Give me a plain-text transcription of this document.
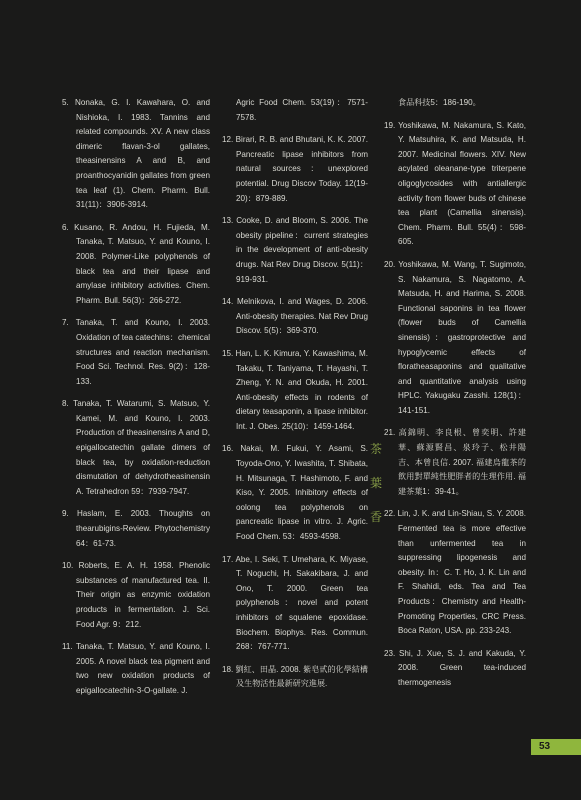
5. Nonaka, G. I. Kawahara, O. and Nishioka, I. 1983. Tannins and related compounds. XV. A new class dimeric flavan-3-ol gallates, theasinensins A and B, and proanthocyanidin gallates from green tea leaf (1). Chem. Pharm. Bull. 31(11)：3906-3914.

6. Kusano, R. Andou, H. Fujieda, M. Tanaka, T. Matsuo, Y. and Kouno, I. 2008. Polymer-Like polyphenols of black tea and their lipase and amylase inhibitory activities. Chem. Pharm. Bull. 56(3)：266-272.

7. Tanaka, T. and Kouno, I. 2003. Oxidation of tea catechins：chemical structures and reaction mechanism. Food Sci. Technol. Res. 9(2)：128-133.

8. Tanaka, T. Watarumi, S. Matsuo, Y. Kamei, M. and Kouno, I. 2003. Production of theasinensins A and D, epigallocatechin gallate dimers of black tea, by oxidation-reduction dismutation of dehydrotheasinensin A. Tetrahedron 59：7939-7947.

9. Haslam, E. 2003. Thoughts on thearubigins-Review. Phytochemistry 64：61-73.

10. Roberts, E. A. H. 1958. Phenolic substances of manufactured tea. II. Their origin as enzymic oxidation products in fermentation. J. Sci. Food Agr. 9：212.

11. Tanaka, T. Matsuo, Y. and Kouno, I. 2005. A novel black tea pigment and two new oxidation products of epigallocatechin-3-O-gallate. J.

Agric Food Chem. 53(19)：7571-7578.

12. Birari, R. B. and Bhutani, K. K. 2007. Pancreatic lipase inhibitors from natural sources：unexplored potential. Drug Discov Today. 12(19-20)：879-889.

13. Cooke, D. and Bloom, S. 2006. The obesity pipeline：current strategies in the development of anti-obesity drugs. Nat Rev Drug Discov. 5(11)：919-931.

14. Melnikova, I. and Wages, D. 2006. Anti-obesity therapies. Nat Rev Drug Discov. 5(5)：369-370.

15. Han, L. K. Kimura, Y. Kawashima, M. Takaku, T. Taniyama, T. Hayashi, T. Zheng, Y. N. and Okuda, H. 2001. Anti-obesity effects in rodents of dietary teasaponin, a lipase inhibitor. Int. J. Obes. 25(10)：1459-1464.

16. Nakai, M. Fukui, Y. Asami, S. Toyoda-Ono, Y. Iwashita, T. Shibata, H. Mitsunaga, T. Hashimoto, F. and Kiso, Y. 2005. Inhibitory effects of oolong tea polyphenols on pancreatic lipase in vitro. J. Agric. Food Chem. 53：4593-4598.

17. Abe, I. Seki, T. Umehara, K. Miyase, T. Noguchi, H. Sakakibara, J. and Ono, T. 2000. Green tea polyphenols：novel and potent inhibitors of squalene epoxidase. Biochem. Biophys. Res. Commun. 268：767-771.

18. 劉紅、田晶. 2008. 紫皂甙的化學結構及生物活性最新研究進展.

茶
葉
香

食品科技5：186-190。

19. Yoshikawa, M. Nakamura, S. Kato, Y. Matsuhira, K. and Matsuda, H. 2007. Medicinal flowers. XIV. New acylated oleanane-type triterpene oligoglycosides with antiallergic activity from flower buds of chinese tea plant (Camellia sinensis). Chem. Pharm. Bull. 55(4)：598-605.

20. Yoshikawa, M. Wang, T. Sugimoto, S. Nakamura, S. Nagatomo, A. Matsuda, H. and Harima, S. 2008. Functional saponins in tea flower (flower buds of Camellia sinensis)：gastroprotective and hypoglycemic effects of floratheasaponins and qualitative and quantitative analysis using HPLC. Yakugaku Zasshi. 128(1)：141-151.

21. 高錦明、李良根、曾奕明、許建華、蘇源賢昌、泉玲子、松井陽吉、本曾良信. 2007. 福建烏龍茶的飲用對單純性肥胖者的生理作用. 福建茶葉1：39-41。

22. Lin, J. K. and Lin-Shiau, S. Y. 2008. Fermented tea is more effective than unfermented tea in suppressing lipogenesis and obesity. In：C. T. Ho, J. K. Lin and F. Shahidi, eds. Tea and Tea Products：Chemistry and Health-Promoting Properties, CRC Press. Boca Raton, USA. pp. 233-243.

23. Shi, J. Xue, S. J. and Kakuda, Y. 2008. Green tea-induced thermogenesis

53
